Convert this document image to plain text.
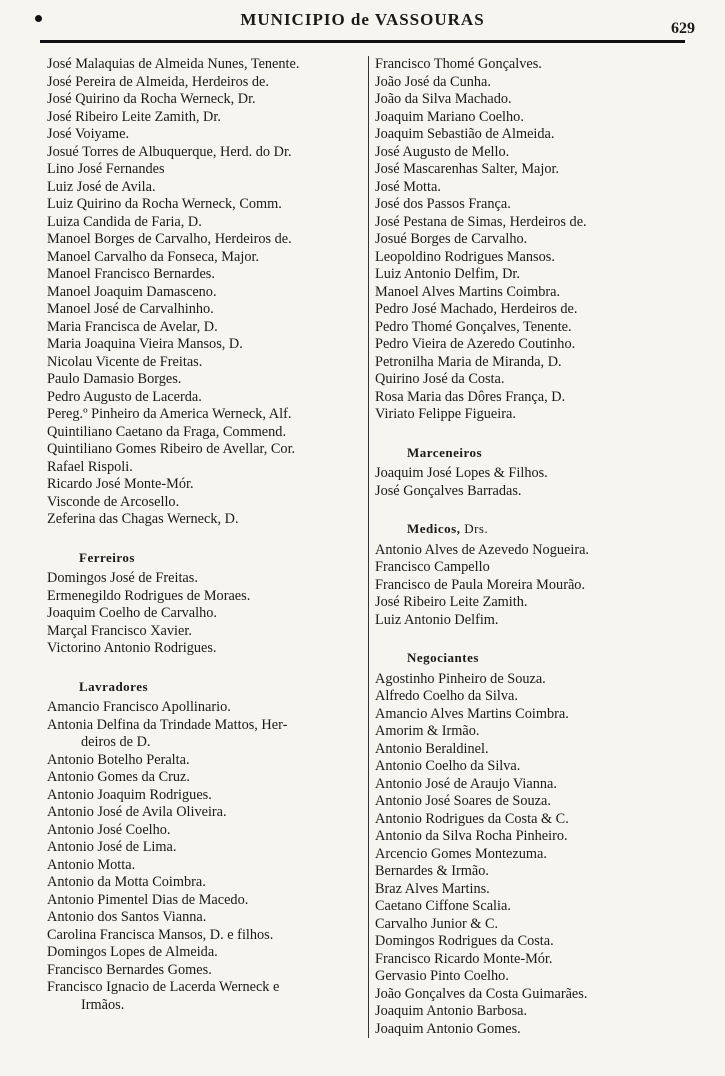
MUNICIPIO de VASSOURAS	629
José Malaquias de Almeida Nunes, Tenente.
José Pereira de Almeida, Herdeiros de.
José Quirino da Rocha Werneck, Dr.
José Ribeiro Leite Zamith, Dr.
José Voiyame.
Josué Torres de Albuquerque, Herd. do Dr.
Lino José Fernandes
Luiz José de Avila.
Luiz Quirino da Rocha Werneck, Comm.
Luiza Candida de Faria, D.
Manoel Borges de Carvalho, Herdeiros de.
Manoel Carvalho da Fonseca, Major.
Manoel Francisco Bernardes.
Manoel Joaquim Damasceno.
Manoel José de Carvalhinho.
Maria Francisca de Avelar, D.
Maria Joaquina Vieira Mansos, D.
Nicolau Vicente de Freitas.
Paulo Damasio Borges.
Pedro Augusto de Lacerda.
Pereg.º Pinheiro da America Werneck, Alf.
Quintiliano Caetano da Fraga, Commend.
Quintiliano Gomes Ribeiro de Avellar, Cor.
Rafael Rispoli.
Ricardo José Monte-Mór.
Visconde de Arcosello.
Zeferina das Chagas Werneck, D.
Ferreiros
Domingos José de Freitas.
Ermenegildo Rodrigues de Moraes.
Joaquim Coelho de Carvalho.
Marçal Francisco Xavier.
Victorino Antonio Rodrigues.
Lavradores
Amancio Francisco Apollinario.
Antonia Delfina da Trindade Mattos, Her-
deiros de D.
Antonio Botelho Peralta.
Antonio Gomes da Cruz.
Antonio Joaquim Rodrigues.
Antonio José de Avila Oliveira.
Antonio José Coelho.
Antonio José de Lima.
Antonio Motta.
Antonio da Motta Coimbra.
Antonio Pimentel Dias de Macedo.
Antonio dos Santos Vianna.
Carolina Francisca Mansos, D. e filhos.
Domingos Lopes de Almeida.
Francisco Bernardes Gomes.
Francisco Ignacio de Lacerda Werneck e
Irmãos.
Francisco Thomé Gonçalves.
João José da Cunha.
João da Silva Machado.
Joaquim Mariano Coelho.
Joaquim Sebastião de Almeida.
José Augusto de Mello.
José Mascarenhas Salter, Major.
José Motta.
José dos Passos França.
José Pestana de Simas, Herdeiros de.
Josué Borges de Carvalho.
Leopoldino Rodrigues Mansos.
Luiz Antonio Delfim, Dr.
Manoel Alves Martins Coimbra.
Pedro José Machado, Herdeiros de.
Pedro Thomé Gonçalves, Tenente.
Pedro Vieira de Azeredo Coutinho.
Petronilha Maria de Miranda, D.
Quirino José da Costa.
Rosa Maria das Dôres França, D.
Viriato Felippe Figueira.
Marceneiros
Joaquim José Lopes & Filhos.
José Gonçalves Barradas.
Medicos, Drs.
Antonio Alves de Azevedo Nogueira.
Francisco Campello
Francisco de Paula Moreira Mourão.
José Ribeiro Leite Zamith.
Luiz Antonio Delfim.
Negociantes
Agostinho Pinheiro de Souza.
Alfredo Coelho da Silva.
Amancio Alves Martins Coimbra.
Amorim & Irmão.
Antonio Beraldinel.
Antonio Coelho da Silva.
Antonio José de Araujo Vianna.
Antonio José Soares de Souza.
Antonio Rodrigues da Costa & C.
Antonio da Silva Rocha Pinheiro.
Arcencio Gomes Montezuma.
Bernardes & Irmão.
Braz Alves Martins.
Caetano Ciffone Scalia.
Carvalho Junior & C.
Domingos Rodrigues da Costa.
Francisco Ricardo Monte-Mór.
Gervasio Pinto Coelho.
João Gonçalves da Costa Guimarães.
Joaquim Antonio Barbosa.
Joaquim Antonio Gomes.
